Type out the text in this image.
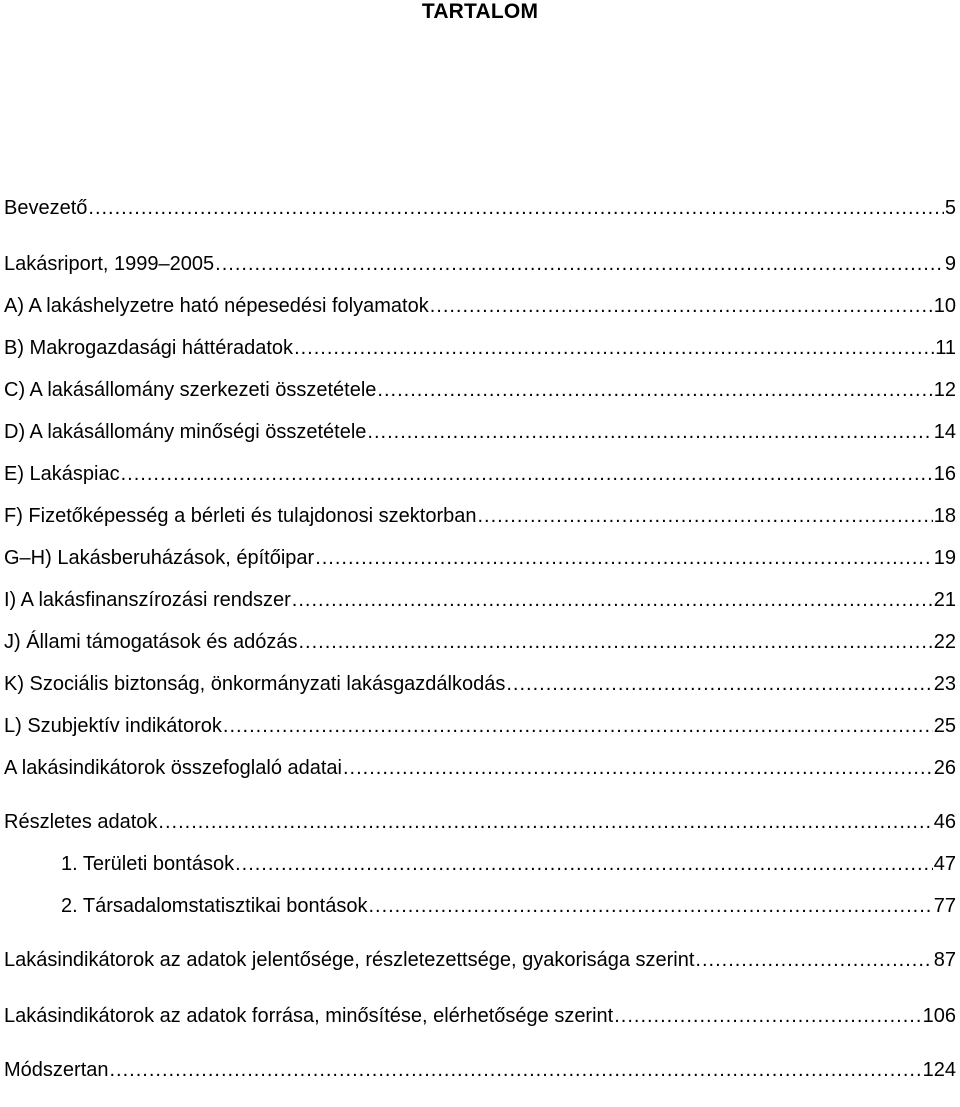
TARTALOM
Bevezető .....	5
Lakásriport, 1999–2005 .....	9
A) A lakáshelyzetre ható népesedési folyamatok .....	10
B) Makrogazdasági háttéradatok .....	11
C) A lakásállomány szerkezeti összetétele .....	12
D) A lakásállomány minőségi összetétele .....	14
E) Lakáspiac .....	16
F) Fizetőképesség a bérleti és tulajdonosi szektorban .....	18
G–H) Lakásberuházások, építőipar .....	19
I) A lakásfinanszírozási rendszer .....	21
J) Állami támogatások és adózás .....	22
K) Szociális biztonság, önkormányzati lakásgazdálkodás .....	23
L) Szubjektív indikátorok .....	25
A lakásindikátorok összefoglaló adatai .....	26
Részletes adatok .....	46
1. Területi bontások .....	47
2. Társadalomstatisztikai bontások .....	77
Lakásindikátorok az adatok jelentősége, részletezettsége, gyakorisága szerint .....	87
Lakásindikátorok az adatok forrása, minősítése, elérhetősége szerint .....	106
Módszertan .....	124
